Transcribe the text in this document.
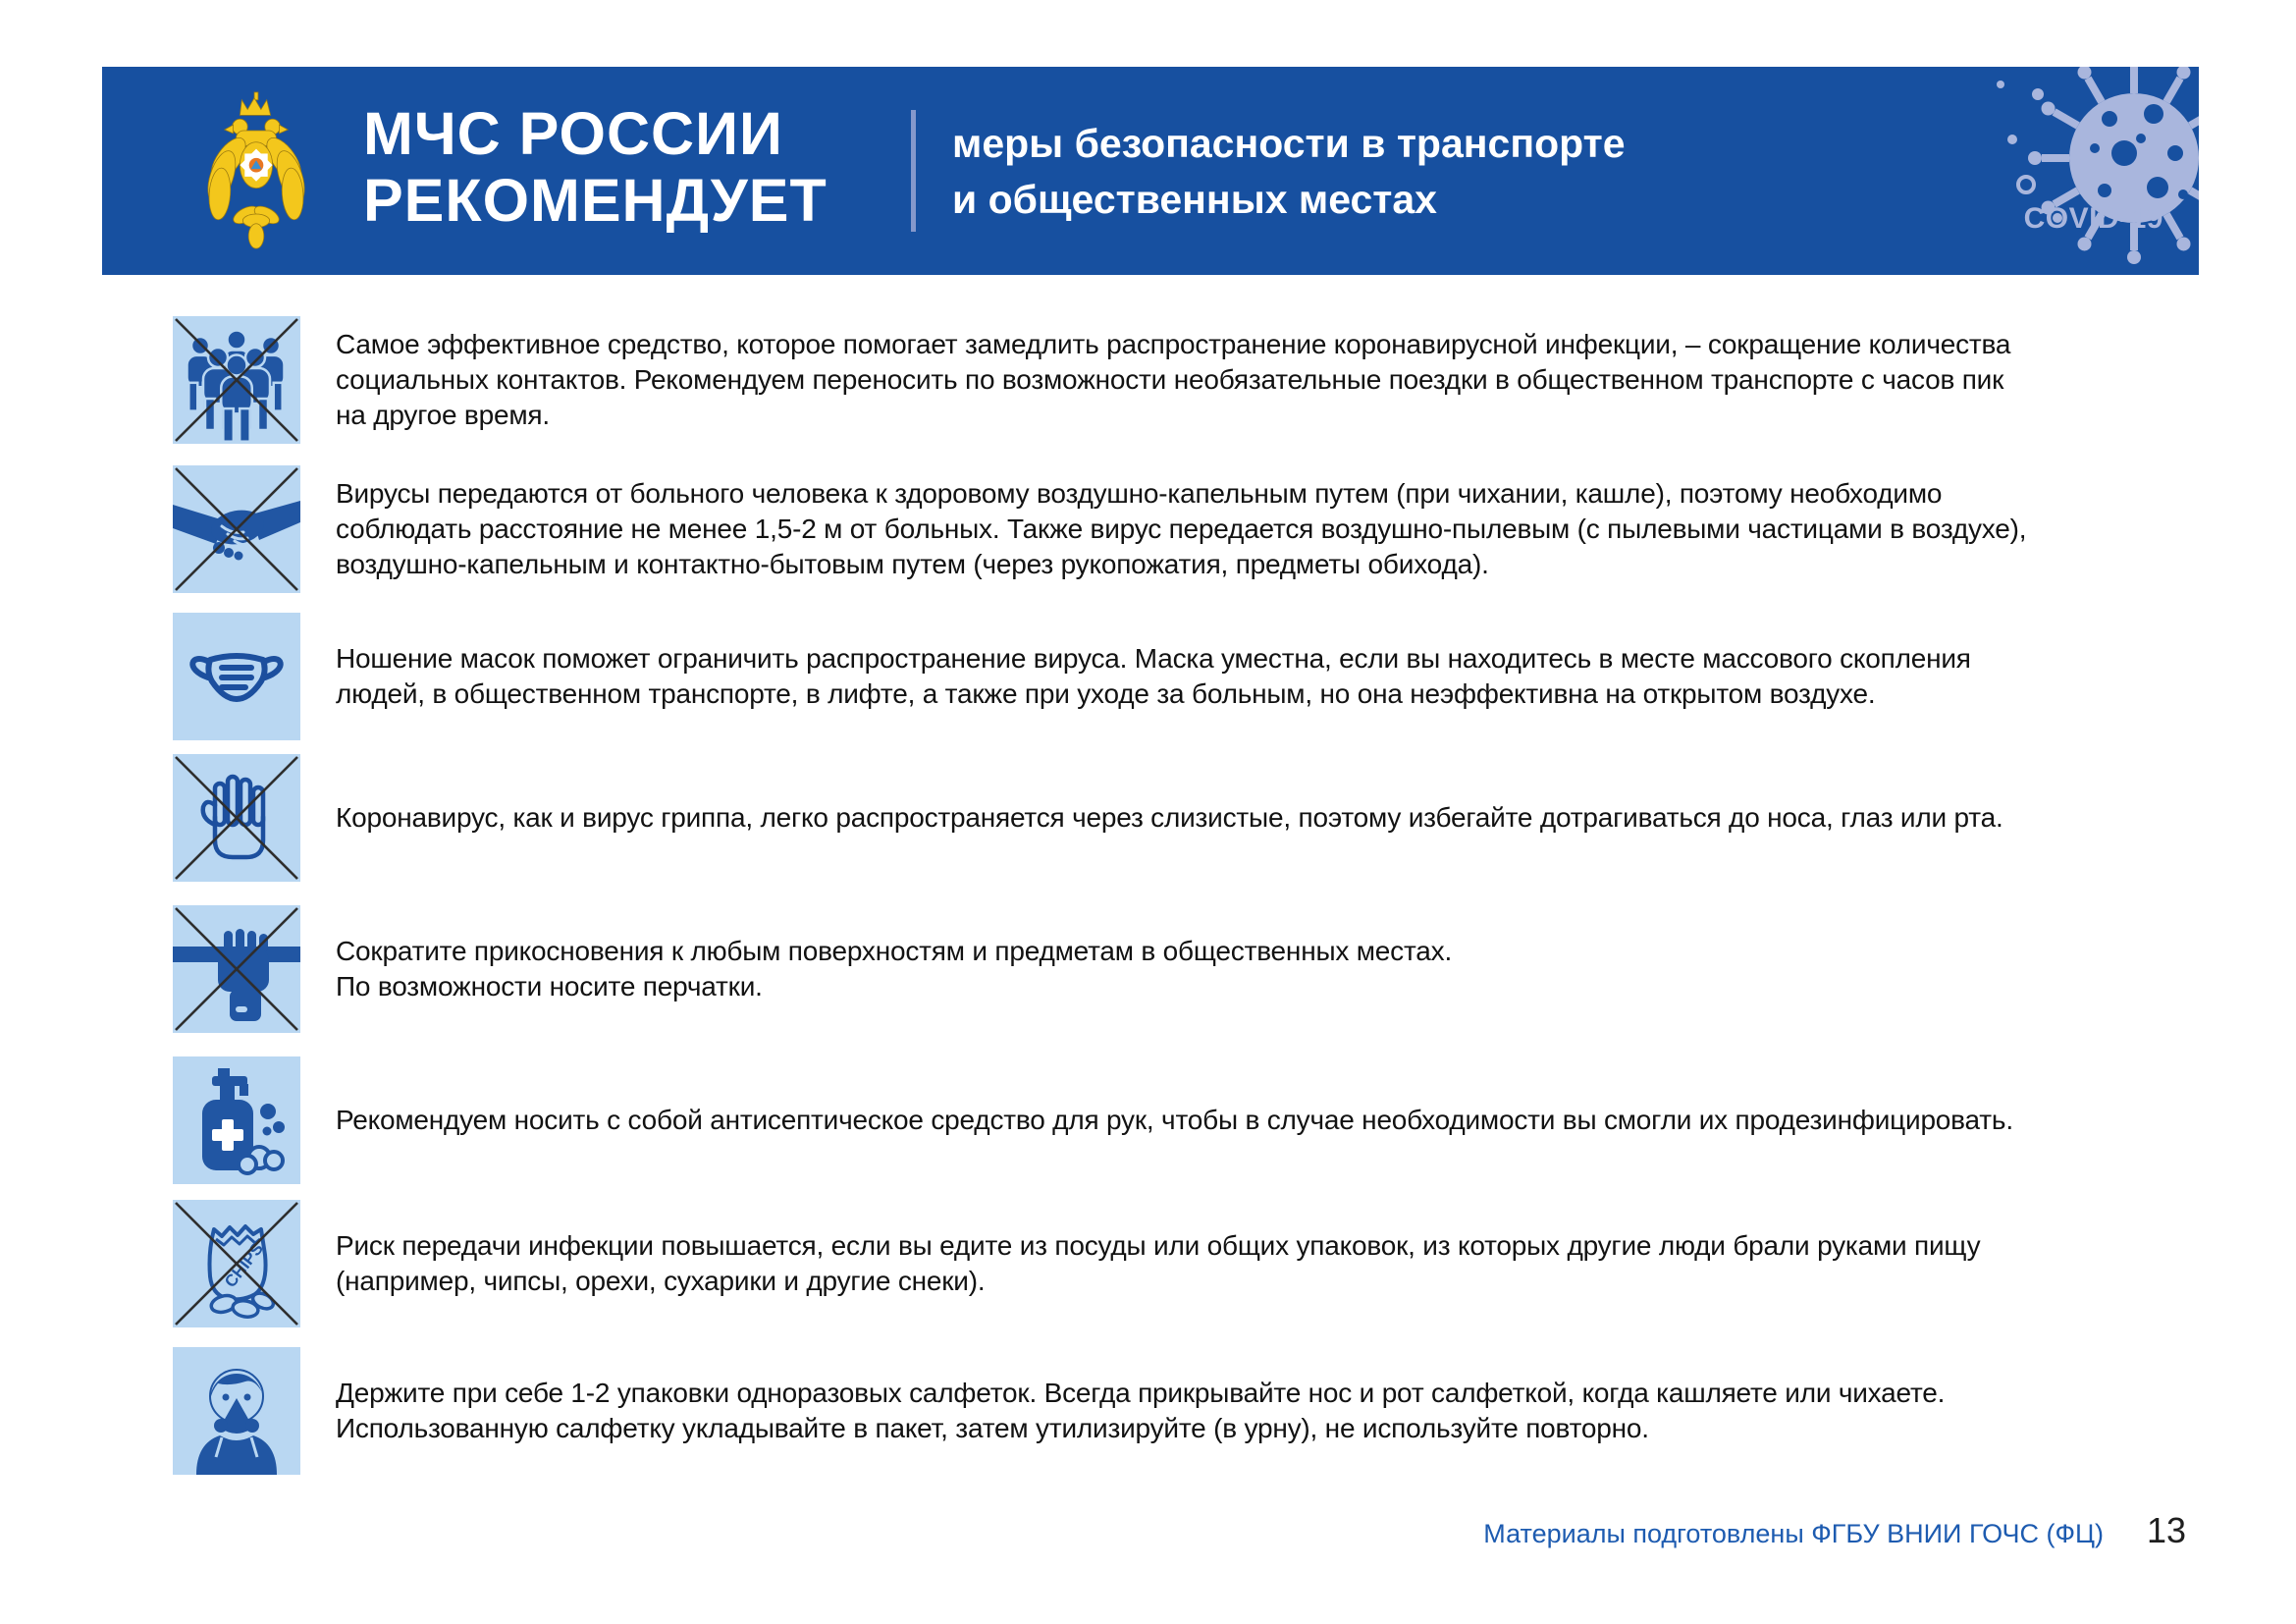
МЧС РОССИИ
РЕКОМЕНДУЕТ
меры безопасности в транспорте
и общественных местах	COVID-19
Самое эффективное средство, которое помогает замедлить распространение коронавирусной инфекции, – сокращение количества
социальных контактов. Рекомендуем переносить по возможности необязательные поездки в общественном транспорте с часов пик
на другое время.
Вирусы передаются от больного человека к здоровому воздушно-капельным путем (при чихании, кашле), поэтому необходимо
соблюдать расстояние не менее 1,5-2 м от больных. Также вирус передается воздушно-пылевым (с пылевыми частицами в воздухе),
воздушно-капельным и контактно-бытовым путем (через рукопожатия, предметы обихода).
Ношение масок поможет ограничить распространение вируса. Маска уместна, если вы находитесь в месте массового скопления
людей, в общественном транспорте, в лифте, а также при уходе за больным, но она неэффективна на открытом воздухе.
Коронавирус, как и вирус гриппа, легко распространяется через слизистые, поэтому избегайте дотрагиваться до носа, глаз или рта.
Сократите прикосновения к любым поверхностям и предметам в общественных местах.
По возможности носите перчатки.
Рекомендуем носить с собой антисептическое средство для рук, чтобы в случае необходимости вы смогли их продезинфицировать.
CHIPS	Риск передачи инфекции повышается, если вы едите из посуды или общих упаковок, из которых другие люди брали руками пищу
(например, чипсы, орехи, сухарики и другие снеки).
Держите при себе 1-2 упаковки одноразовых салфеток. Всегда прикрывайте нос и рот салфеткой, когда кашляете или чихаете.
Использованную салфетку укладывайте в пакет, затем утилизируйте (в урну), не используйте повторно.
Материалы подготовлены ФГБУ ВНИИ ГОЧС (ФЦ) 13
